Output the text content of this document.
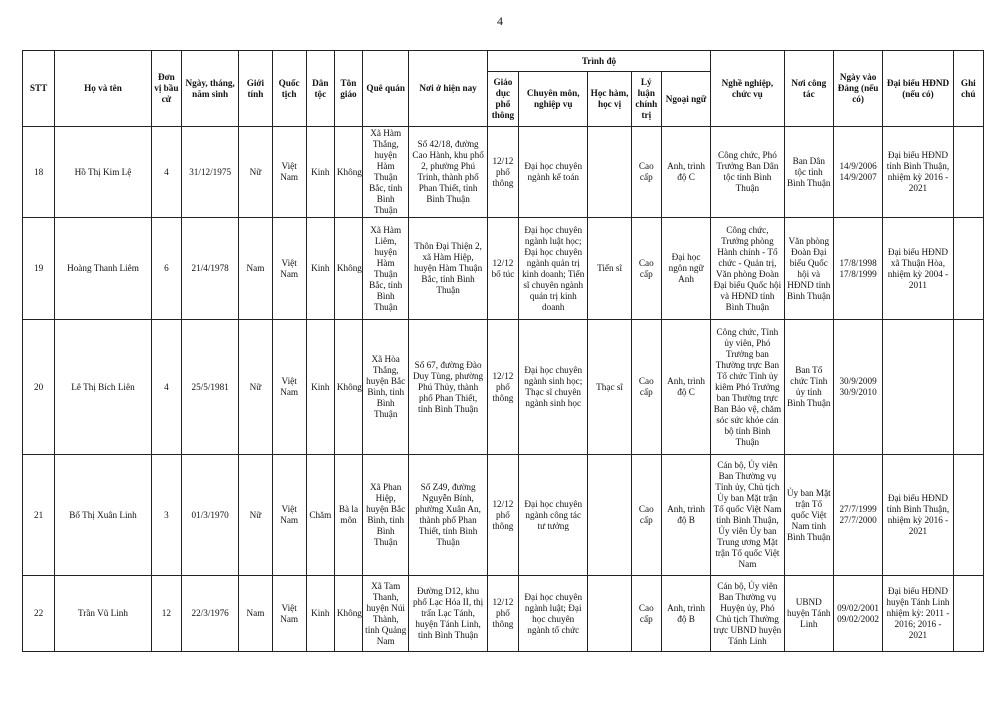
4
STT	Họ và tên	Đơn vị bầu cử	Ngày, tháng, năm sinh	Giới tính	Quốc tịch	Dân tộc	Tôn giáo	Quê quán	Nơi ở hiện nay	Trình độ					Nghề nghiệp, chức vụ	Nơi công tác	Ngày vào Đảng (nếu có)	Đại biểu HĐND (nếu có)	Ghi chú
										Giáo dục phổ thông	Chuyên môn, nghiệp vụ	Học hàm, học vị	Lý luận chính trị	Ngoại ngữ					
18	Hồ Thị Kim Lệ	4	31/12/1975	Nữ	Việt Nam	Kinh	Không	Xã Hàm Thắng, huyện Hàm Thuận Bắc, tỉnh Bình Thuận	Số 42/18, đường Cao Hành, khu phố 2, phường Phú Trinh, thành phố Phan Thiết, tỉnh Bình Thuận	12/12 phổ thông	Đại học chuyên ngành kế toán		Cao cấp	Anh, trình độ C	Công chức, Phó Trưởng Ban Dân tộc tỉnh Bình Thuận	Ban Dân tộc tỉnh Bình Thuận	14/9/2006 14/9/2007	Đại biểu HĐND tỉnh Bình Thuận, nhiệm kỳ 2016 - 2021	
19	Hoàng Thanh Liêm	6	21/4/1978	Nam	Việt Nam	Kinh	Không	Xã Hàm Liêm, huyện Hàm Thuận Bắc, tỉnh Bình Thuận	Thôn Đại Thiện 2, xã Hàm Hiệp, huyện Hàm Thuận Bắc, tỉnh Bình Thuận	12/12 bổ túc	Đại học chuyên ngành luật học; Đại học chuyên ngành quản trị kinh doanh; Tiến sĩ chuyên ngành quản trị kinh doanh	Tiến sĩ	Cao cấp	Đại học ngôn ngữ Anh	Công chức, Trưởng phòng Hành chính - Tổ chức - Quản trị, Văn phòng Đoàn Đại biểu Quốc hội và HĐND tỉnh Bình Thuận	Văn phòng Đoàn Đại biểu Quốc hội và HĐND tỉnh Bình Thuận	17/8/1998 17/8/1999	Đại biểu HĐND xã Thuận Hòa, nhiệm kỳ 2004 - 2011	
20	Lê Thị Bích Liên	4	25/5/1981	Nữ	Việt Nam	Kinh	Không	Xã Hòa Thắng, huyện Bắc Bình, tỉnh Bình Thuận	Số 67, đường Đào Duy Tùng, phường Phú Thủy, thành phố Phan Thiết, tỉnh Bình Thuận	12/12 phổ thông	Đại học chuyên ngành sinh học; Thạc sĩ chuyên ngành sinh học	Thạc sĩ	Cao cấp	Anh, trình độ C	Công chức, Tỉnh ủy viên, Phó Trưởng ban Thường trực Ban Tổ chức Tỉnh ủy kiêm Phó Trưởng ban Thường trực Ban Bảo vệ, chăm sóc sức khỏe cán bộ tỉnh Bình Thuận	Ban Tổ chức Tỉnh ủy tỉnh Bình Thuận	30/9/2009 30/9/2010		
21	Bố Thị Xuân Linh	3	01/3/1970	Nữ	Việt Nam	Chăm	Bà la môn	Xã Phan Hiệp, huyện Bắc Bình, tỉnh Bình Thuận	Số Z49, đường Nguyễn Bính, phường Xuân An, thành phố Phan Thiết, tỉnh Bình Thuận	12/12 phổ thông	Đại học chuyên ngành công tác tư tưởng		Cao cấp	Anh, trình độ B	Cán bộ, Ủy viên Ban Thường vụ Tỉnh ủy, Chủ tịch Ủy ban Mặt trận Tổ quốc Việt Nam tỉnh Bình Thuận, Ủy viên Ủy ban Trung ương Mặt trận Tổ quốc Việt Nam	Ủy ban Mặt trận Tổ quốc Việt Nam tỉnh Bình Thuận	27/7/1999 27/7/2000	Đại biểu HĐND tỉnh Bình Thuận, nhiệm kỳ 2016 - 2021	
22	Trần Vũ Linh	12	22/3/1976	Nam	Việt Nam	Kinh	Không	Xã Tam Thanh, huyện Núi Thành, tỉnh Quảng Nam	Đường D12, khu phố Lạc Hóa II, thị trấn Lạc Tánh, huyện Tánh Linh, tỉnh Bình Thuận	12/12 phổ thông	Đại học chuyên ngành luật; Đại học chuyên ngành tổ chức		Cao cấp	Anh, trình độ B	Cán bộ, Ủy viên Ban Thường vụ Huyện ủy, Phó Chủ tịch Thường trực UBND huyện Tánh Linh	UBND huyện Tánh Linh	09/02/2001 09/02/2002	Đại biểu HĐND huyện Tánh Linh nhiệm kỳ: 2011 - 2016; 2016 - 2021	
